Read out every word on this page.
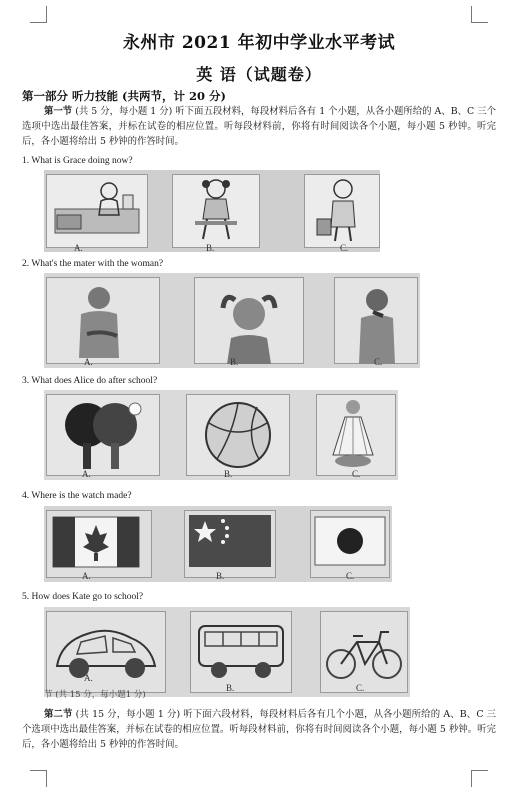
永州市 2021 年初中学业水平考试
英 语（试题卷）
第一部分 听力技能 (共两节，计 20 分)
第一节 (共 5 分，每小题 1 分) 听下面五段材料，每段材料后各有 1 个小题，从各小题所给的 A、B、C 三个选项中选出最佳答案，并标在试卷的相应位置。听每段材料前，你将有时间阅读各个小题，每小题 5 秒钟。听完后，各小题将给出 5 秒钟的作答时间。
1. What is Grace doing now?
A.	B.	C.
2. What's the mater with the woman?
A.	B.	C.
3. What does Alice do after school?
A.	B.	C.
4. Where is the watch made?
A.	B.	C.
5. How does Kate go to school?
A.
B.	C.
节 (共 15 分，每小题1 分)
第二节 (共 15 分，每小题 1 分) 听下面六段材料，每段材料后各有几个小题，从各小题所给的 A、B、C 三个选项中选出最佳答案，并标在试卷的相应位置。听每段材料前，你将有时间阅读各个小题，每小题 5 秒钟。听完后，各小题将给出 5 秒钟的作答时间。
